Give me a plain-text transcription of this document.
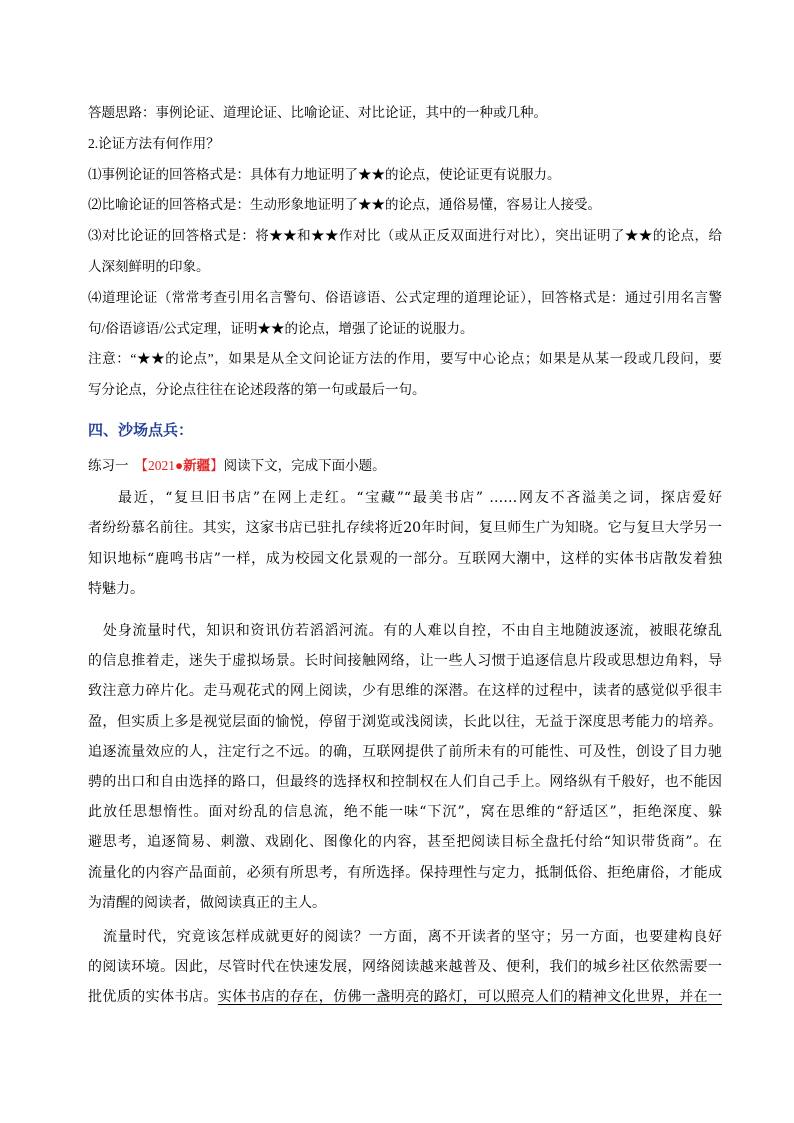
答题思路：事例论证、道理论证、比喻论证、对比论证，其中的一种或几种。
2.论证方法有何作用？
⑴事例论证的回答格式是：具体有力地证明了★★的论点，使论证更有说服力。
⑵比喻论证的回答格式是：生动形象地证明了★★的论点，通俗易懂，容易让人接受。
⑶对比论证的回答格式是：将★★和★★作对比（或从正反双面进行对比），突出证明了★★的论点，给
人深刻鲜明的印象。
⑷道理论证（常常考查引用名言警句、俗语谚语、公式定理的道理论证），回答格式是：通过引用名言警
句/俗语谚语/公式定理，证明★★的论点，增强了论证的说服力。
注意：“★★的论点”，如果是从全文问论证方法的作用，要写中心论点；如果是从某一段或几段问，要
写分论点，分论点往往在论述段落的第一句或最后一句。
四、沙场点兵：
练习一 【2021●新疆】阅读下文，完成下面小题。
最近，“复旦旧书店”在网上走红。“宝藏”“最美书店” ……网友不吝溢美之词，探店爱好
者纷纷慕名前往。其实，这家书店已驻扎存续将近20年时间，复旦师生广为知晓。它与复旦大学另一
知识地标“鹿鸣书店”一样，成为校园文化景观的一部分。互联网大潮中，这样的实体书店散发着独
特魅力。
处身流量时代，知识和资讯仿若滔滔河流。有的人难以自控，不由自主地随波逐流，被眼花缭乱
的信息推着走，迷失于虚拟场景。长时间接触网络，让一些人习惯于追逐信息片段或思想边角料，导
致注意力碎片化。走马观花式的网上阅读，少有思维的深潜。在这样的过程中，读者的感觉似乎很丰
盈，但实质上多是视觉层面的愉悦，停留于浏览或浅阅读，长此以往，无益于深度思考能力的培养。
追逐流量效应的人，注定行之不远。的确，互联网提供了前所未有的可能性、可及性，创设了目力驰
骋的出口和自由选择的路口，但最终的选择权和控制权在人们自己手上。网络纵有千般好，也不能因
此放任思想惰性。面对纷乱的信息流，绝不能一味“下沉”，窝在思维的“舒适区”，拒绝深度、躲
避思考，追逐简易、刺激、戏剧化、图像化的内容，甚至把阅读目标全盘托付给“知识带货商”。在
流量化的内容产品面前，必须有所思考，有所选择。保持理性与定力，抵制低俗、拒绝庸俗，才能成
为清醒的阅读者，做阅读真正的主人。
流量时代，究竟该怎样成就更好的阅读？一方面，离不开读者的坚守；另一方面，也要建构良好
的阅读环境。因此，尽管时代在快速发展，网络阅读越来越普及、便利，我们的城乡社区依然需要一
批优质的实体书店。实体书店的存在，仿佛一盏明亮的路灯，可以照亮人们的精神文化世界，并在一
